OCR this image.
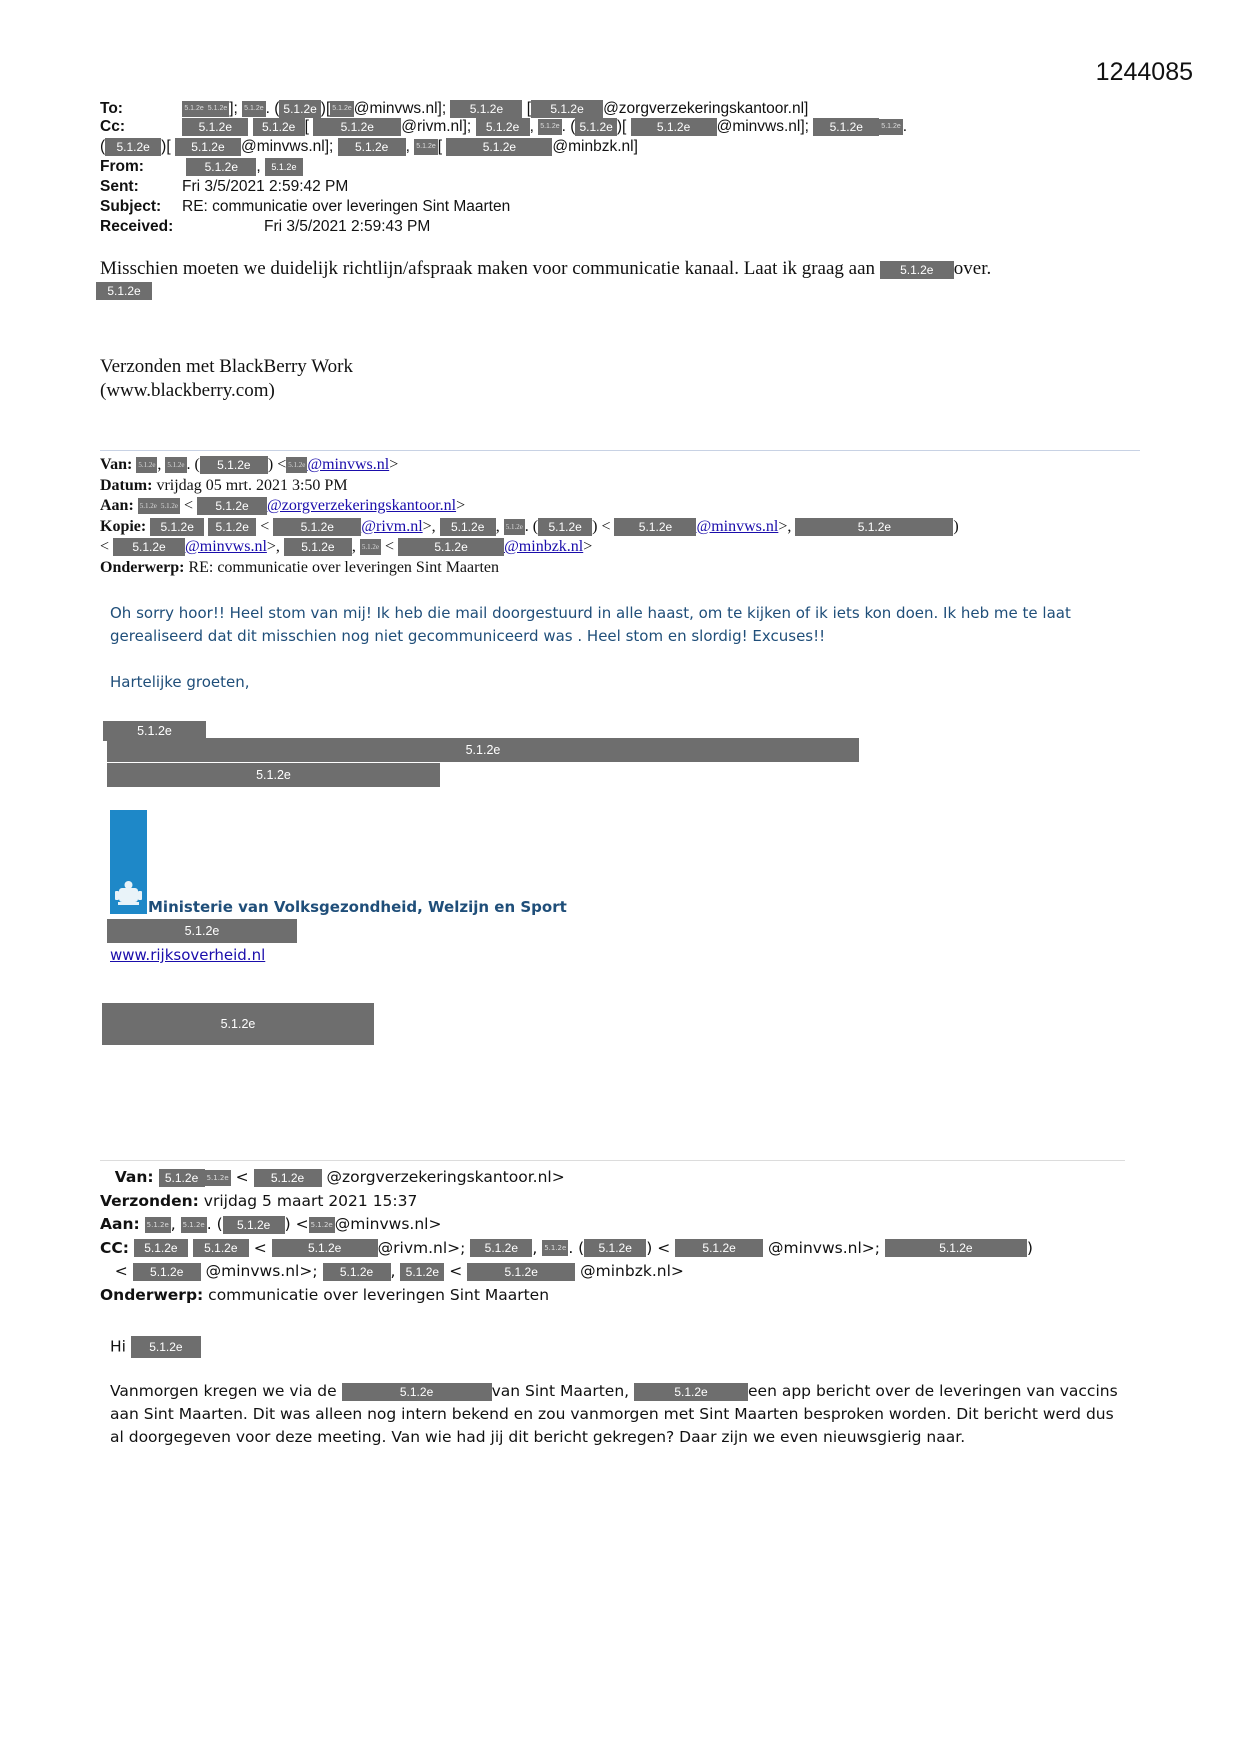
1244085
To:	5.1.2e 5.1.2e ]; 5.1.2e . ( 5.1.2e )[ 5.1.2e @minvws.nl]; 5.1.2e [ 5.1.2e @zorgverzekeringskantoor.nl]
Cc:	5.1.2e 5.1.2e [ 5.1.2e @rivm.nl]; 5.1.2e , 5.1.2e . ( 5.1.2e )[ 5.1.2e @minvws.nl]; 5.1.2e	5.1.2e .
( 5.1.2e )[ 5.1.2e @minvws.nl]; 5.1.2e , 5.1.2e [	5.1.2e @minbzk.nl]
From:	5.1.2e , 5.1.2e
Sent:	Fri 3/5/2021 2:59:42 PM
Subject: RE: communicatie over leveringen Sint Maarten
Received:	Fri 3/5/2021 2:59:43 PM
Misschien moeten we duidelijk richtlijn/afspraak maken voor communicatie kanaal. Laat ik graag aan 5.1.2e over.
5.1.2e
Verzonden met BlackBerry Work
(www.blackberry.com)
Van: 5.1.2e , 5.1.2e . ( 5.1.2e ) < 5.1.2e @minvws.nl>
Datum: vrijdag 05 mrt. 2021 3:50 PM
Aan: 5.1.2e 5.1.2e < 5.1.2e @zorgverzekeringskantoor.nl>
Kopie: 5.1.2e 5.1.2e < 5.1.2e @rivm.nl>, 5.1.2e , 5.1.2e . ( 5.1.2e ) < 5.1.2e @minvws.nl>,	5.1.2e	)
< 5.1.2e @minvws.nl>, 5.1.2e , 5.1.2e <	5.1.2e @minbzk.nl>
Onderwerp: RE: communicatie over leveringen Sint Maarten
Oh sorry hoor!! Heel stom van mij! Ik heb die mail doorgestuurd in alle haast, om te kijken of ik iets kon doen. Ik heb me te laat
gerealiseerd dat dit misschien nog niet gecommuniceerd was . Heel stom en slordig! Excuses!!
Hartelijke groeten,
5.1.2e
5.1.2e
5.1.2e
Ministerie van Volksgezondheid, Welzijn en Sport
5.1.2e
www.rijksoverheid.nl
5.1.2e
Van: 5.1.2e 5.1.2e < 5.1.2e @zorgverzekeringskantoor.nl>
Verzonden: vrijdag 5 maart 2021 15:37
Aan: 5.1.2e , 5.1.2e . ( 5.1.2e ) < 5.1.2e @minvws.nl>
CC: 5.1.2e 5.1.2e <	5.1.2e @rivm.nl>; 5.1.2e , 5.1.2e . ( 5.1.2e ) < 5.1.2e @minvws.nl>;	5.1.2e	)
< 5.1.2e @minvws.nl>; 5.1.2e , 5.1.2e <	5.1.2e	@minbzk.nl>
Onderwerp: communicatie over leveringen Sint Maarten
Hi 5.1.2e
Vanmorgen kregen we via de	5.1.2e	van Sint Maarten,	5.1.2e	een app bericht over de leveringen van vaccins
aan Sint Maarten. Dit was alleen nog intern bekend en zou vanmorgen met Sint Maarten besproken worden. Dit bericht werd dus
al doorgegeven voor deze meeting. Van wie had jij dit bericht gekregen? Daar zijn we even nieuwsgierig naar.
